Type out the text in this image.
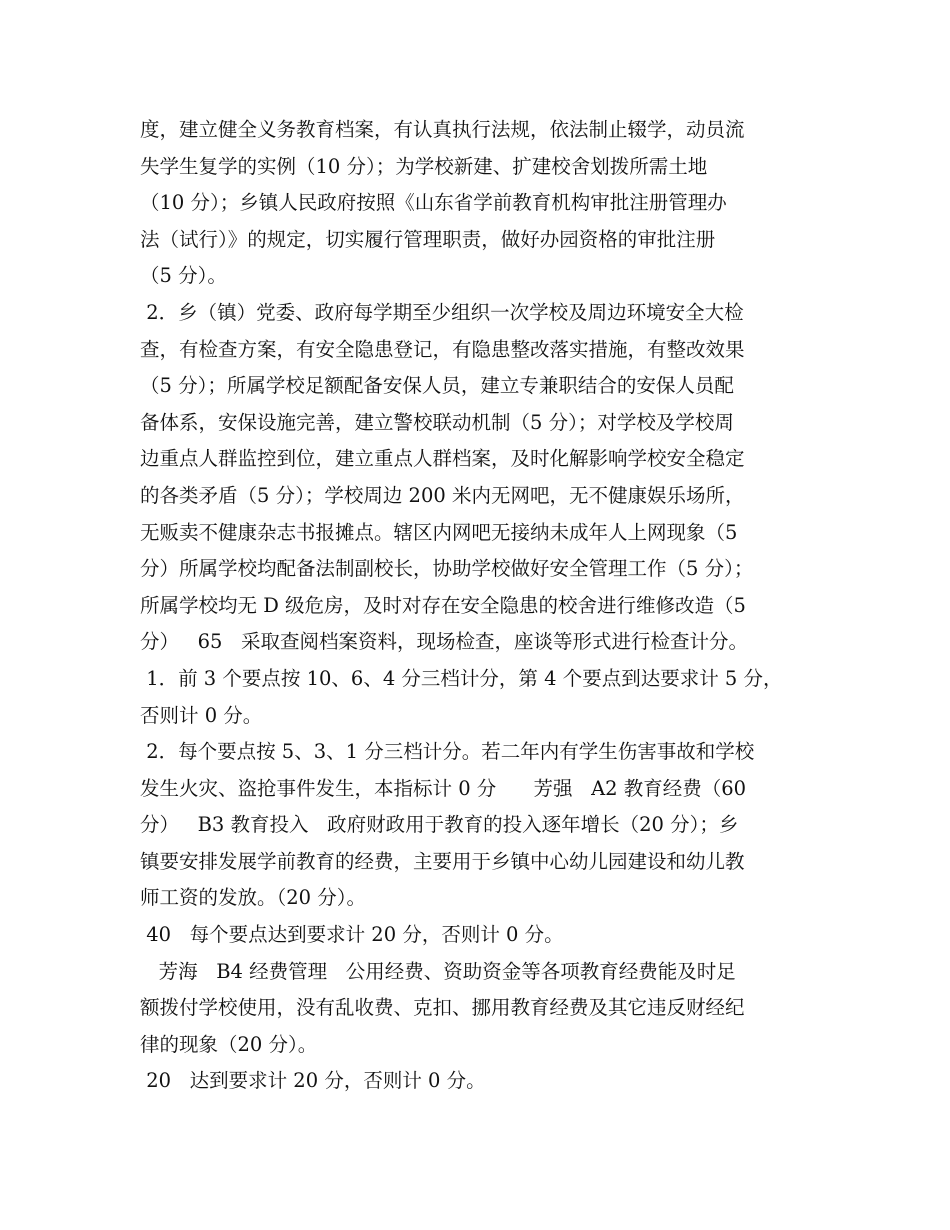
度，建立健全义务教育档案，有认真执行法规，依法制止辍学，动员流
失学生复学的实例（10 分）；为学校新建、扩建校舍划拨所需土地
（10 分）；乡镇人民政府按照《山东省学前教育机构审批注册管理办
法（试行）》的规定，切实履行管理职责，做好办园资格的审批注册
（5 分）。
2．乡（镇）党委、政府每学期至少组织一次学校及周边环境安全大检
查，有检查方案，有安全隐患登记，有隐患整改落实措施，有整改效果
（5 分）；所属学校足额配备安保人员，建立专兼职结合的安保人员配
备体系，安保设施完善，建立警校联动机制（5 分）；对学校及学校周
边重点人群监控到位，建立重点人群档案，及时化解影响学校安全稳定
的各类矛盾（5 分）；学校周边 200 米内无网吧，无不健康娱乐场所，
无贩卖不健康杂志书报摊点。辖区内网吧无接纳未成年人上网现象（5
分）所属学校均配备法制副校长，协助学校做好安全管理工作（5 分）；
所属学校均无 D 级危房，及时对存在安全隐患的校舍进行维修改造（5
分）   65   采取查阅档案资料，现场检查，座谈等形式进行检查计分。
1．前 3 个要点按 10、6、4 分三档计分，第 4 个要点到达要求计 5 分，
否则计 0 分。
2．每个要点按 5、3、1 分三档计分。若二年内有学生伤害事故和学校
发生火灾、盗抢事件发生，本指标计 0 分      芳强   A2 教育经费（60
分）   B3 教育投入   政府财政用于教育的投入逐年增长（20 分）；乡
镇要安排发展学前教育的经费，主要用于乡镇中心幼儿园建设和幼儿教
师工资的发放。（20 分）。
40   每个要点达到要求计 20 分，否则计 0 分。
芳海   B4 经费管理   公用经费、资助资金等各项教育经费能及时足
额拨付学校使用，没有乱收费、克扣、挪用教育经费及其它违反财经纪
律的现象（20 分）。
20   达到要求计 20 分，否则计 0 分。
